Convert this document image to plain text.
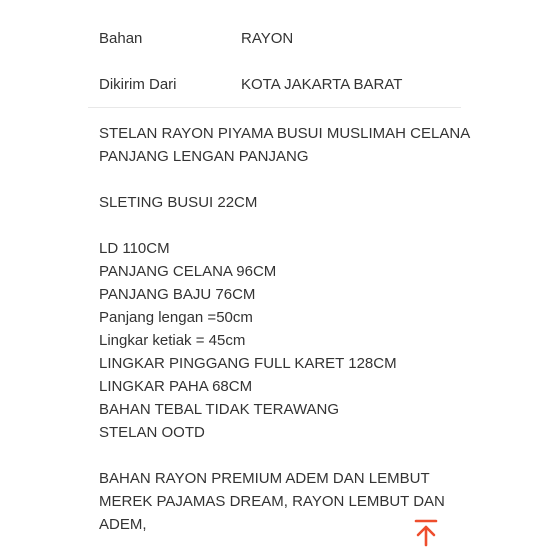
Bahan	RAYON
Dikirim Dari	KOTA JAKARTA BARAT
STELAN RAYON PIYAMA BUSUI MUSLIMAH CELANA
PANJANG LENGAN PANJANG
SLETING BUSUI 22CM
LD 110CM
PANJANG CELANA 96CM
PANJANG BAJU 76CM
Panjang lengan =50cm
Lingkar ketiak = 45cm
LINGKAR PINGGANG FULL KARET 128CM
LINGKAR PAHA 68CM
BAHAN TEBAL TIDAK TERAWANG
STELAN OOTD
BAHAN RAYON PREMIUM ADEM DAN LEMBUT
MEREK PAJAMAS DREAM, RAYON LEMBUT DAN
ADEM,
